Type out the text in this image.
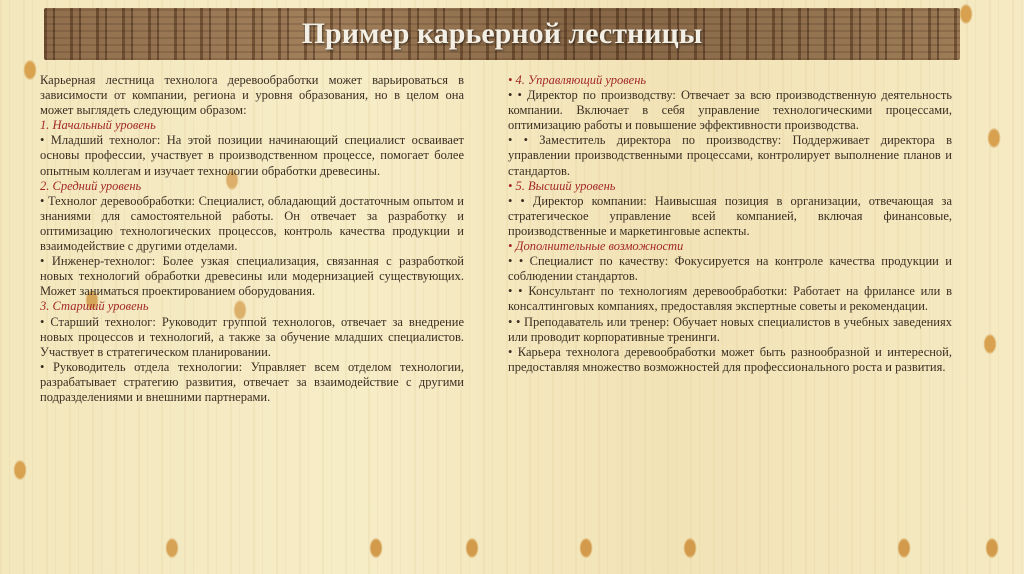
Пример карьерной лестницы

Карьерная лестница технолога деревообработки может варьироваться в зависимости от компании, региона и уровня образования, но в целом она может выглядеть следующим образом:

1. Начальный уровень

• Младший технолог: На этой позиции начинающий специалист осваивает основы профессии, участвует в производственном процессе, помогает более опытным коллегам и изучает технологии обработки древесины.

2. Средний уровень

• Технолог деревообработки: Специалист, обладающий достаточным опытом и знаниями для самостоятельной работы. Он отвечает за разработку и оптимизацию технологических процессов, контроль качества продукции и взаимодействие с другими отделами.

• Инженер-технолог: Более узкая специализация, связанная с разработкой новых технологий обработки древесины или модернизацией существующих. Может заниматься проектированием оборудования.

3. Старший уровень

• Старший технолог: Руководит группой технологов, отвечает за внедрение новых процессов и технологий, а также за обучение младших специалистов. Участвует в стратегическом планировании.

• Руководитель отдела технологии: Управляет всем отделом технологии, разрабатывает стратегию развития, отвечает за взаимодействие с другими подразделениями и внешними партнерами.

• 4. Управляющий уровень

• • Директор по производству: Отвечает за всю производственную деятельность компании. Включает в себя управление технологическими процессами, оптимизацию работы и повышение эффективности производства.

• • Заместитель директора по производству: Поддерживает директора в управлении производственными процессами, контролирует выполнение планов и стандартов.

• 5. Высший уровень

• • Директор компании: Наивысшая позиция в организации, отвечающая за стратегическое управление всей компанией, включая финансовые, производственные и маркетинговые аспекты.

• Дополнительные возможности

• • Специалист по качеству: Фокусируется на контроле качества продукции и соблюдении стандартов.

• • Консультант по технологиям деревообработки: Работает на фрилансе или в консалтинговых компаниях, предоставляя экспертные советы и рекомендации.

• • Преподаватель или тренер: Обучает новых специалистов в учебных заведениях или проводит корпоративные тренинги.

• Карьера технолога деревообработки может быть разнообразной и интересной, предоставляя множество возможностей для профессионального роста и развития.
